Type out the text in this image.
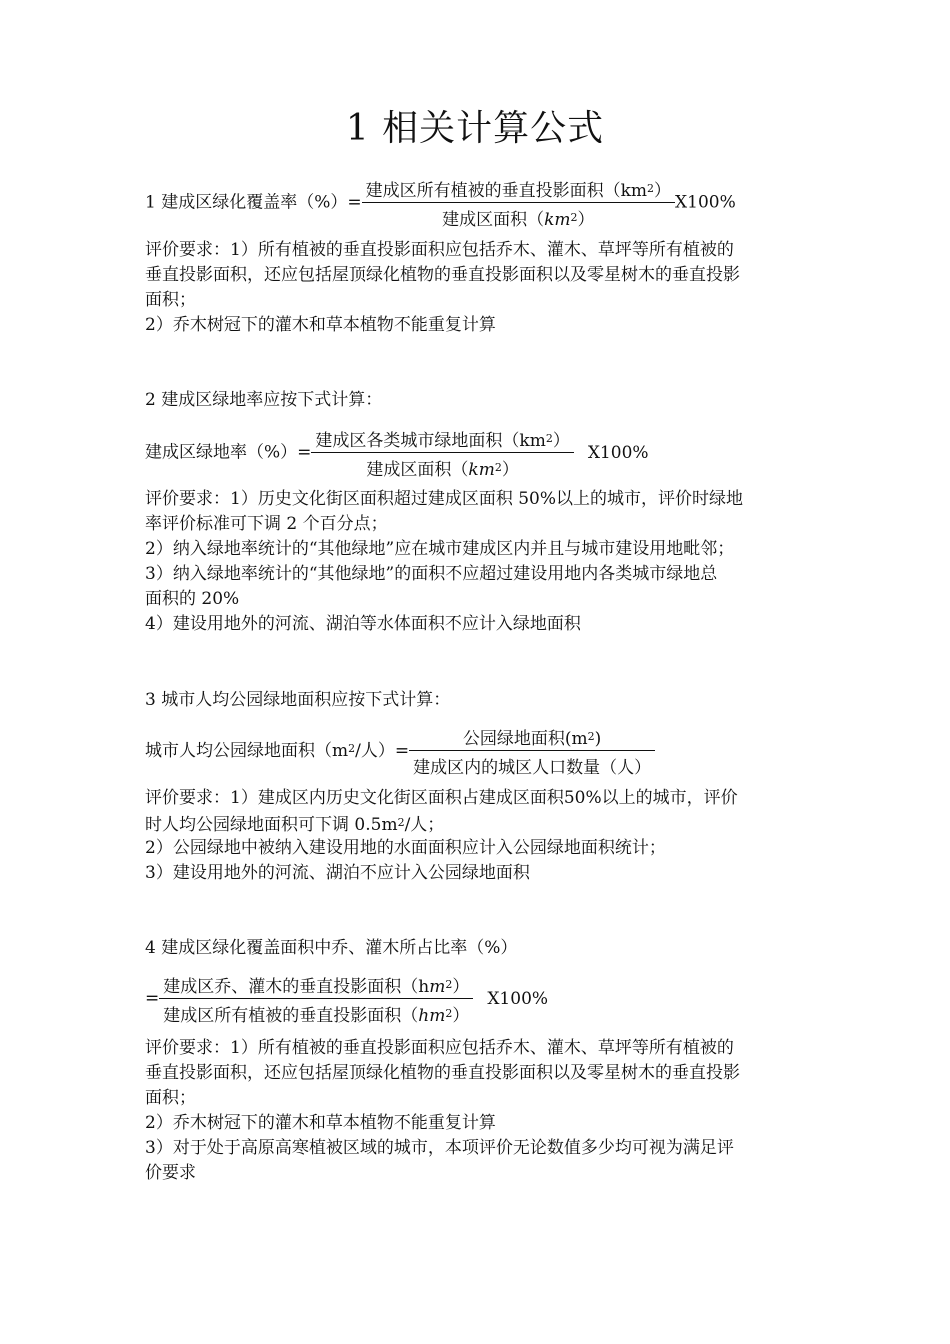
1 相关计算公式
1 建成区绿化覆盖率（%）= $\frac{建成区所有植被的垂直投影面积(km^2)}{建成区面积(km^2)} X100\%$
评价要求：1）所有植被的垂直投影面积应包括乔木、灌木、草坪等所有植被的
垂直投影面积，还应包括屋顶绿化植物的垂直投影面积以及零星树木的垂直投影
面积；
2）乔木树冠下的灌木和草本植物不能重复计算
2 建成区绿地率应按下式计算：
建成区绿地率（%）= $\frac{建成区各类城市绿地面积(km^2)}{建成区面积(km^2)} X100\%$
评价要求：1）历史文化街区面积超过建成区面积 50%以上的城市，评价时绿地
率评价标准可下调 2 个百分点；
2）纳入绿地率统计的“其他绿地”应在城市建成区内并且与城市建设用地毗邻；
3）纳入绿地率统计的“其他绿地”的面积不应超过建设用地内各类城市绿地总
面积的 20%
4）建设用地外的河流、湖泊等水体面积不应计入绿地面积
3 城市人均公园绿地面积应按下式计算：
城市人均公园绿地面积（$m^2/$人）= $\frac{公园绿地面积(m^2)}{\text{建成区内的城区人口数量（人）}}$
评价要求：1）建成区内历史文化街区面积占建成区面积50%以上的城市，评价
时人均公园绿地面积可下调 $0.5m^2/$人；
2）公园绿地中被纳入建设用地的水面面积应计入公园绿地面积统计；
3）建设用地外的河流、湖泊不应计入公园绿地面积
4 建成区绿化覆盖面积中乔、灌木所占比率（%）
= $\frac{建成区乔、灌木的垂直投影面积(hm^2)}{建成区所有植被的垂直投影面积(hm^2)} X100\%$
评价要求：1）所有植被的垂直投影面积应包括乔木、灌木、草坪等所有植被的
垂直投影面积，还应包括屋顶绿化植物的垂直投影面积以及零星树木的垂直投影
面积；
2）乔木树冠下的灌木和草本植物不能重复计算
3）对于处于高原高寒植被区域的城市，本项评价无论数值多少均可视为满足评
价要求
